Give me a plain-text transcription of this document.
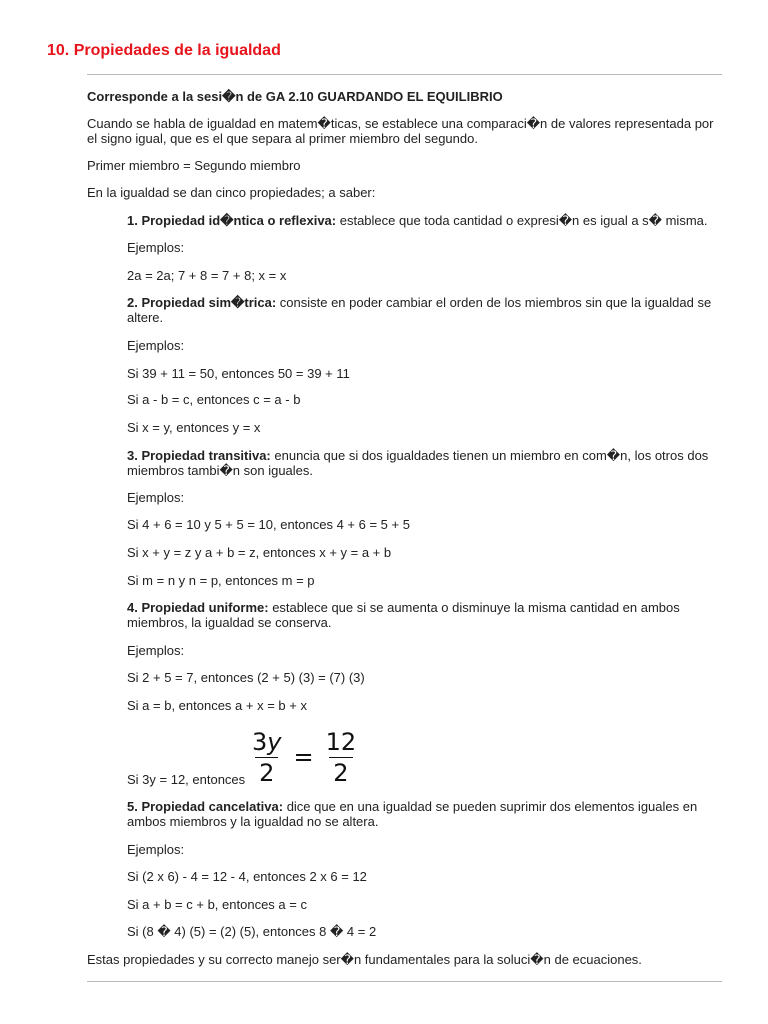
10. Propiedades de la igualdad

Corresponde a la sesi�n de GA 2.10 GUARDANDO EL EQUILIBRIO

Cuando se habla de igualdad en matem�ticas, se establece una comparaci�n de valores representada por el signo igual, que es el que separa al primer miembro del segundo.

Primer miembro = Segundo miembro

En la igualdad se dan cinco propiedades; a saber:

1. Propiedad id�ntica o reflexiva: establece que toda cantidad o expresi�n es igual a s� misma.

Ejemplos:

2a = 2a; 7 + 8 = 7 + 8; x = x

2. Propiedad sim�trica: consiste en poder cambiar el orden de los miembros sin que la igualdad se altere.

Ejemplos:

Si 39 + 11 = 50, entonces 50 = 39 + 11

Si a - b = c, entonces c = a - b

Si x = y, entonces y = x

3. Propiedad transitiva: enuncia que si dos igualdades tienen un miembro en com�n, los otros dos miembros tambi�n son iguales.

Ejemplos:

Si 4 + 6 = 10 y 5 + 5 = 10, entonces 4 + 6 = 5 + 5

Si x + y = z y a + b = z, entonces x + y = a + b

Si m = n y n = p, entonces m = p

4. Propiedad uniforme: establece que si se aumenta o disminuye la misma cantidad en ambos miembros, la igualdad se conserva.

Ejemplos:

Si 2 + 5 = 7, entonces (2 + 5) (3) = (7) (3)

Si a = b, entonces a + x = b + x

$\frac{3y}{2} = \frac{12}{2}$

Si 3y = 12, entonces

5. Propiedad cancelativa: dice que en una igualdad se pueden suprimir dos elementos iguales en ambos miembros y la igualdad no se altera.

Ejemplos:

Si (2 x 6) - 4 = 12 - 4, entonces 2 x 6 = 12

Si a + b = c + b, entonces a = c

Si (8 � 4) (5) = (2) (5), entonces 8 � 4 = 2

Estas propiedades y su correcto manejo ser�n fundamentales para la soluci�n de ecuaciones.
